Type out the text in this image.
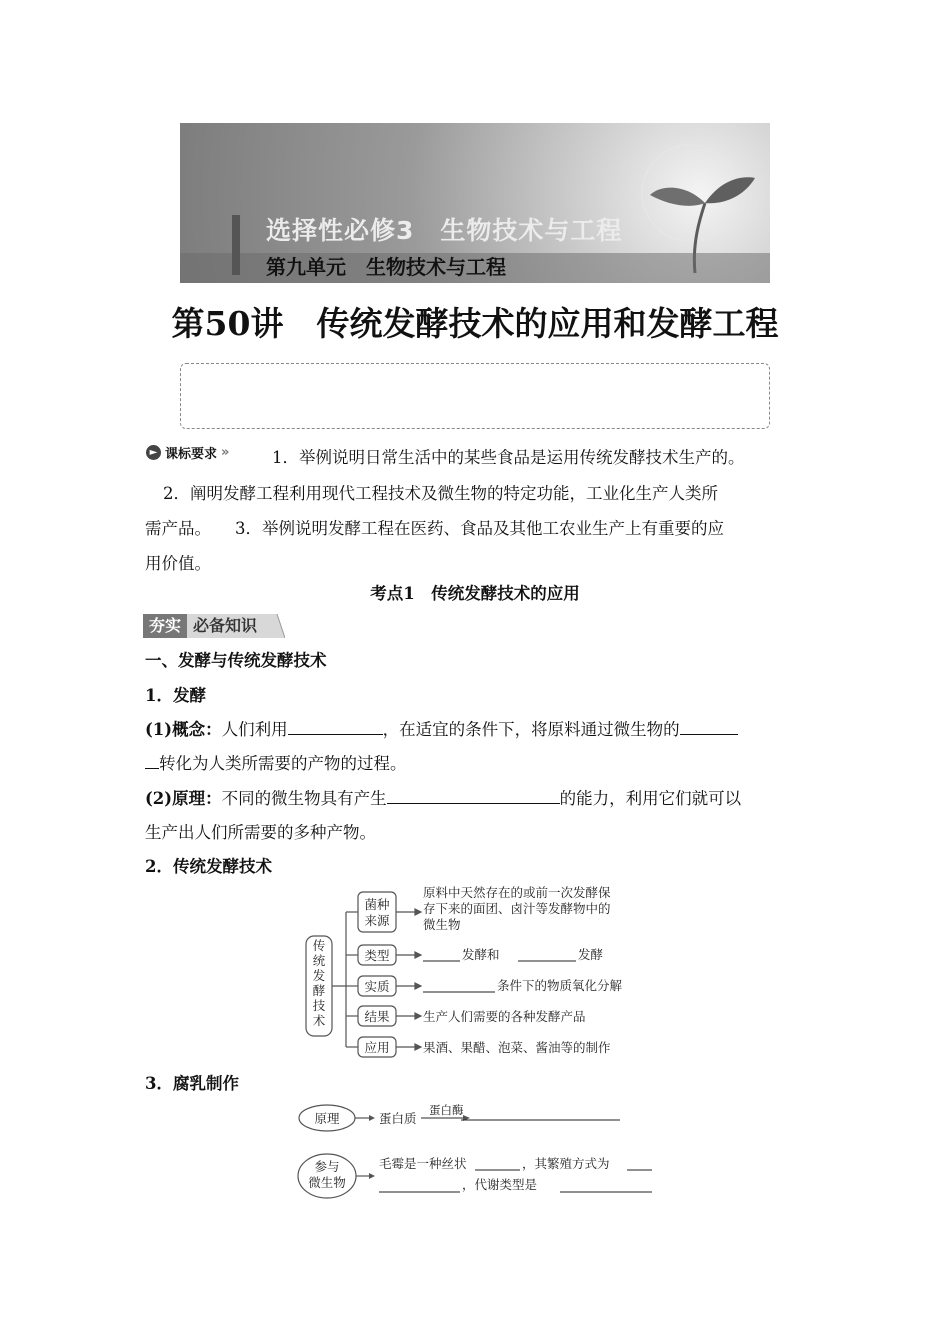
选择性必修3　生物技术与工程
第九单元　生物技术与工程
第50讲　传统发酵技术的应用和发酵工程
► 课标要求 »	1．举例说明日常生活中的某些食品是运用传统发酵技术生产的。
2．阐明发酵工程利用现代工程技术及微生物的特定功能，工业化生产人类所
需产品。 3．举例说明发酵工程在医药、食品及其他工农业生产上有重要的应
用价值。
考点1　传统发酵技术的应用
夯实 必备知识
一、发酵与传统发酵技术
1．发酵
(1)概念：人们利用	，在适宜的条件下，将原料通过微生物的
转化为人类所需要的产物的过程。
(2)原理：不同的微生物具有产生	的能力，利用它们就可以
生产出人们所需要的多种产物。
2．传统发酵技术
传
统
发
酵
技
术
菌种
来源
类型
实质
结果
应用
原料中天然存在的或前一次发酵保
存下来的面团、卤汁等发酵物中的
微生物
发酵和	发酵
条件下的物质氧化分解
生产人们需要的各种发酵产品
果酒、果醋、泡菜、酱油等的制作
3．腐乳制作
原理	蛋白质
蛋白酶
参与
微生物
毛霉是一种丝状	，其繁殖方式为
，代谢类型是
